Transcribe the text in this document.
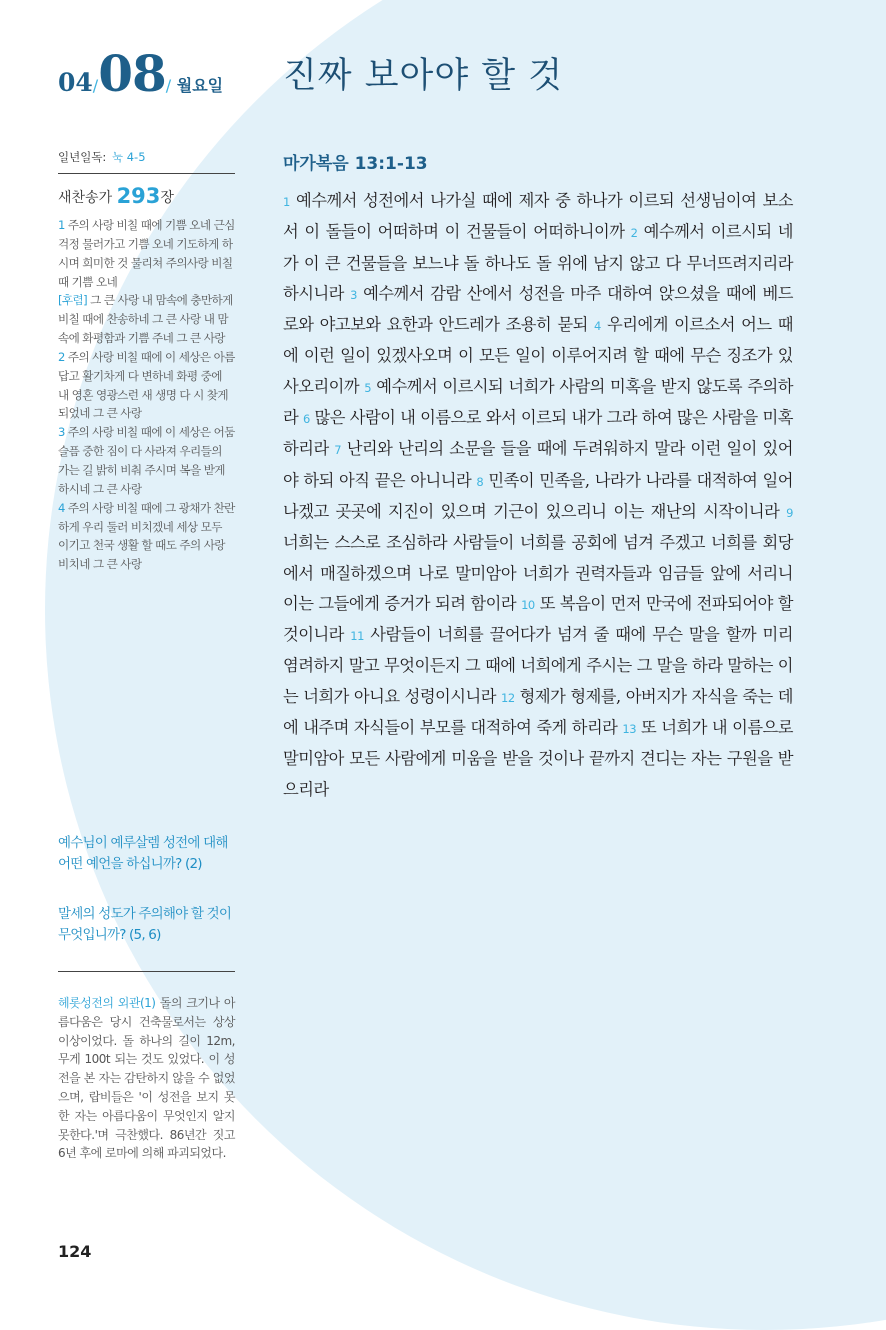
04/08/ 월요일 진짜 보아야 할 것
일년일독: 눅 4-5
새찬송가 293장

1 주의 사랑 비칠 때에 기쁨 오네 근심걱정 물러가고 기쁨 오네 기도하게 하시며 희미한 것 물리쳐 주의사랑 비칠 때 기쁨 오네

[후렴] 그 큰 사랑 내 맘속에 충만하게 비칠 때에 찬송하네 그 큰 사랑 내 맘 속에 화평함과 기쁨 주네 그 큰 사랑

2 주의 사랑 비칠 때에 이 세상은 아름답고 활기차게 다 변하네 화평 중에 내 영혼 영광스런 새 생명 다 시 찾게 되었네 그 큰 사랑

3 주의 사랑 비칠 때에 이 세상은 어둠 슬픔 중한 짐이 다 사라져 우리들의 가는 길 밝히 비춰 주시며 복을 받게 하시네 그 큰 사랑

4 주의 사랑 비칠 때에 그 광채가 찬란하게 우리 둘러 비치겠네 세상 모두 이기고 천국 생활 할 때도 주의 사랑 비치네 그 큰 사랑

예수님이 예루살렘 성전에 대해 어떤 예언을 하십니까? (2)
말세의 성도가 주의해야 할 것이 무엇입니까? (5, 6)
헤롯성전의 외관(1) 돌의 크기나 아름다움은 당시 건축물로서는 상상 이상이었다. 돌 하나의 길이 12m, 무게 100t 되는 것도 있었다. 이 성전을 본 자는 감탄하지 않을 수 없었으며, 랍비들은 '이 성전을 보지 못한 자는 아름다움이 무엇인지 알지 못한다.'며 극찬했다. 86년간 짓고 6년 후에 로마에 의해 파괴되었다.
124
마가복음 13:1-13
1 예수께서 성전에서 나가실 때에 제자 중 하나가 이르되 선생님이여 보소서 이 돌들이 어떠하며 이 건물들이 어떠하니이까 2 예수께서 이르시되 네가 이 큰 건물들을 보느냐 돌 하나도 돌 위에 남지 않고 다 무너뜨려지리라 하시니라 3 예수께서 감람 산에서 성전을 마주 대하여 앉으셨을 때에 베드로와 야고보와 요한과 안드레가 조용히 묻되 4 우리에게 이르소서 어느 때에 이런 일이 있겠사오며 이 모든 일이 이루어지려 할 때에 무슨 징조가 있사오리이까 5 예수께서 이르시되 너희가 사람의 미혹을 받지 않도록 주의하라 6 많은 사람이 내 이름으로 와서 이르되 내가 그라 하여 많은 사람을 미혹하리라 7 난리와 난리의 소문을 들을 때에 두려워하지 말라 이런 일이 있어야 하되 아직 끝은 아니니라 8 민족이 민족을, 나라가 나라를 대적하여 일어나겠고 곳곳에 지진이 있으며 기근이 있으리니 이는 재난의 시작이니라 9 너희는 스스로 조심하라 사람들이 너희를 공회에 넘겨 주겠고 너희를 회당에서 매질하겠으며 나로 말미암아 너희가 권력자들과 임금들 앞에 서리니 이는 그들에게 증거가 되려 함이라 10 또 복음이 먼저 만국에 전파되어야 할 것이니라 11 사람들이 너희를 끌어다가 넘겨 줄 때에 무슨 말을 할까 미리 염려하지 말고 무엇이든지 그 때에 너희에게 주시는 그 말을 하라 말하는 이는 너희가 아니요 성령이시니라 12 형제가 형제를, 아버지가 자식을 죽는 데에 내주며 자식들이 부모를 대적하여 죽게 하리라 13 또 너희가 내 이름으로 말미암아 모든 사람에게 미움을 받을 것이나 끝까지 견디는 자는 구원을 받으리라
